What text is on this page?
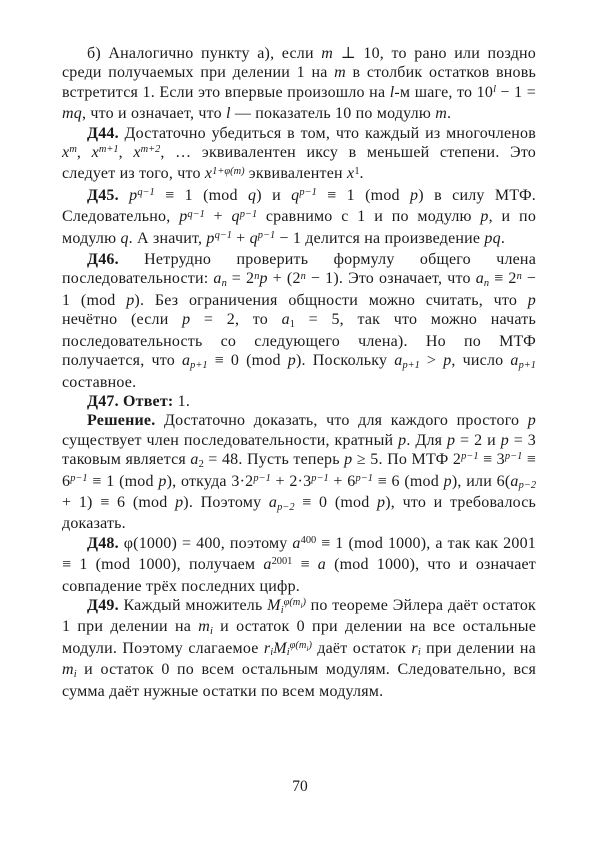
б) Аналогично пункту а), если m ⊥ 10, то рано или поздно среди получаемых при делении 1 на m в столбик остатков вновь встретится 1. Если это впервые произошло на l-м шаге, то $10^l - 1$ = mq, что и означает, что l — показатель 10 по модулю m.

Д44. Достаточно убедиться в том, что каждый из многочленов $x^m$, $x^{m+1}$, $x^{m+2}$, … эквивалентен иксу в меньшей степени. Это следует из того, что $x^{1+\varphi(m)}$ эквивалентен $x^1$.

Д45. $p^{q-1} \equiv 1$ (mod q) и $q^{p-1} \equiv 1$ (mod p) в силу МТФ. Следовательно, $p^{q-1} + q^{p-1}$ сравнимо с 1 и по модулю p, и по модулю q. А значит, $p^{q-1} + q^{p-1} - 1$ делится на произведение pq.

Д46. Нетрудно проверить формулу общего члена последовательности: an = $2^np + (2^n - 1)$. Это означает, что an ≡ $2^n - 1$ (mod p). Без ограничения общности можно считать, что p нечётно (если p = 2, то a1 = 5, так что можно начать последовательность со следующего члена). Но по МТФ получается, что ap+1 ≡ 0 (mod p). Поскольку ap+1 > p, число ap+1 составное.

Д47. Ответ: 1.

Решение. Достаточно доказать, что для каждого простого p существует член последовательности, кратный p. Для p = 2 и p = 3 таковым является a2 = 48. Пусть теперь p ≥ 5. По МТФ $2^{p-1} \equiv 3^{p-1} \equiv 6^{p-1} \equiv 1$ (mod p), откуда $3\cdot 2^{p-1} + 2\cdot 3^{p-1} + 6^{p-1} \equiv 6$ (mod p), или 6(ap−2 + 1) ≡ 6 (mod p). Поэтому ap−2 ≡ 0 (mod p), что и требовалось доказать.

Д48. φ(1000) = 400, поэтому $a^{400} \equiv 1$ (mod 1000), а так как 2001 ≡ 1 (mod 1000), получаем $a^{2001} \equiv a$ (mod 1000), что и означает совпадение трёх последних цифр.

Д49. Каждый множитель $Mi^{\varphi(m}i^)$ по теореме Эйлера даёт остаток 1 при делении на mi и остаток 0 при делении на все остальные модули. Поэтому слагаемое riMi$^{\varphi(m}$i) даёт остаток ri при делении на mi и остаток 0 по всем остальным модулям. Следовательно, вся сумма даёт нужные остатки по всем модулям.

70
